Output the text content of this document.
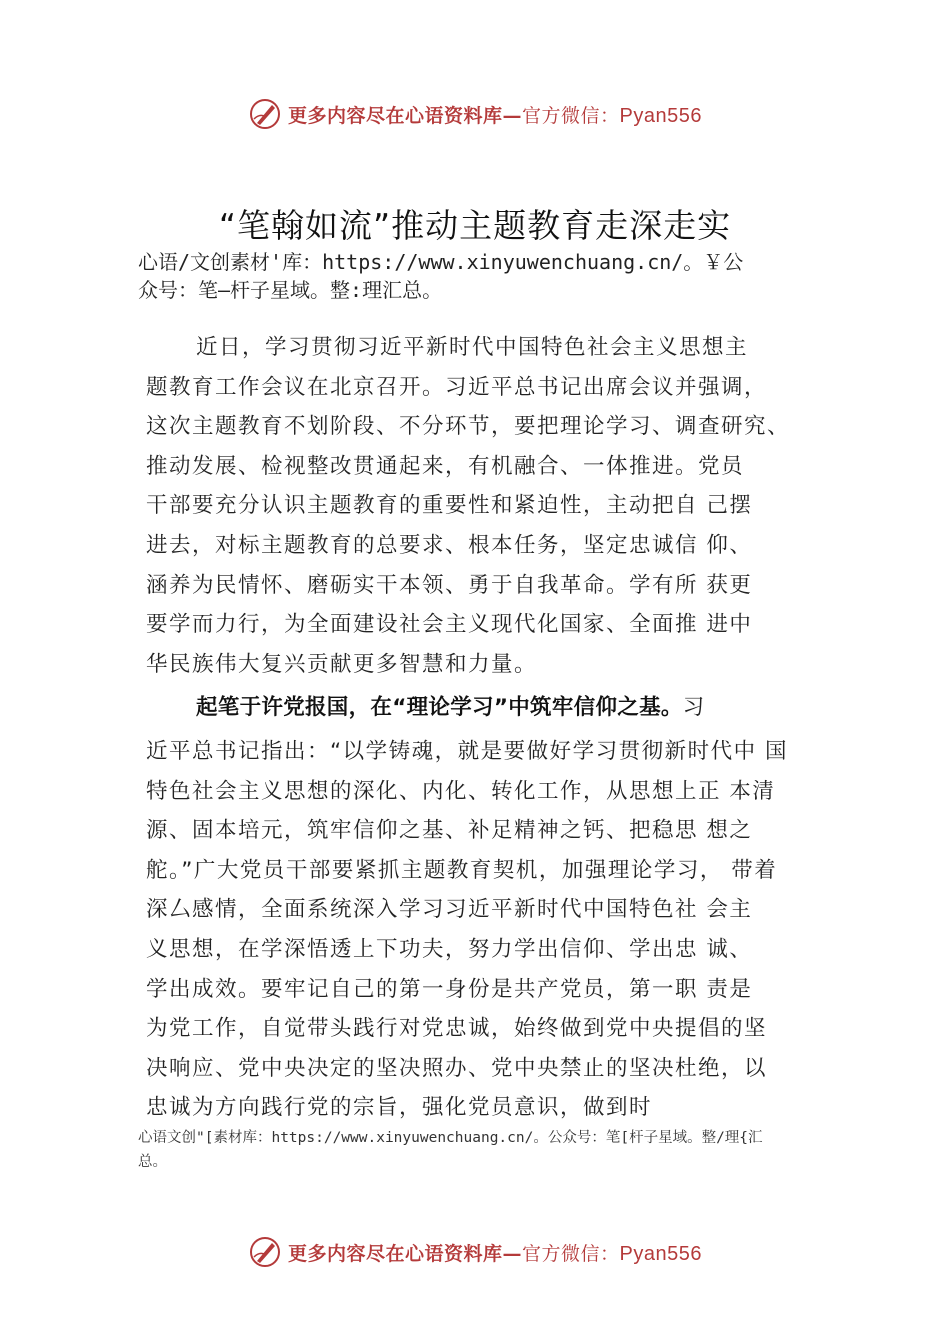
更多内容尽在心语资料库—官方微信：Pyan556
“笔翰如流”推动主题教育走深走实
心语/文创素材'库：https://www.xinyuwenchuang.cn/。￥公
众号：笔—杆子星域。整:理汇总。
近日，学习贯彻习近平新时代中国特色社会主义思想主
题教育工作会议在北京召开。习近平总书记出席会议并强调，
这次主题教育不划阶段、不分环节，要把理论学习、调查研究、
推动发展、检视整改贯通起来，有机融合、一体推进。党员
干部要充分认识主题教育的重要性和紧迫性，主动把自 己摆
进去，对标主题教育的总要求、根本任务，坚定忠诚信 仰、
涵养为民情怀、磨砺实干本领、勇于自我革命。学有所 获更
要学而力行，为全面建设社会主义现代化国家、全面推 进中
华民族伟大复兴贡献更多智慧和力量。
起笔于许党报国，在“理论学习”中筑牢信仰之基。习
近平总书记指出：“以学铸魂，就是要做好学习贯彻新时代中 国
特色社会主义思想的深化、内化、转化工作，从思想上正 本清
源、固本培元，筑牢信仰之基、补足精神之钙、把稳思 想之
舵。”广大党员干部要紧抓主题教育契机，加强理论学习， 带着
深厶感情，全面系统深入学习习近平新时代中国特色社 会主
义思想，在学深悟透上下功夫，努力学出信仰、学出忠 诚、
学出成效。要牢记自己的第一身份是共产党员，第一职 责是
为党工作，自觉带头践行对党忠诚，始终做到党中央提倡的坚
决响应、党中央决定的坚决照办、党中央禁止的坚决杜绝，以
忠诚为方向践行党的宗旨，强化党员意识，做到时
心语文创"[素材库：https://www.xinyuwenchuang.cn/。公众号：笔[杆子星域。整/理{汇
总。
更多内容尽在心语资料库—官方微信：Pyan556
